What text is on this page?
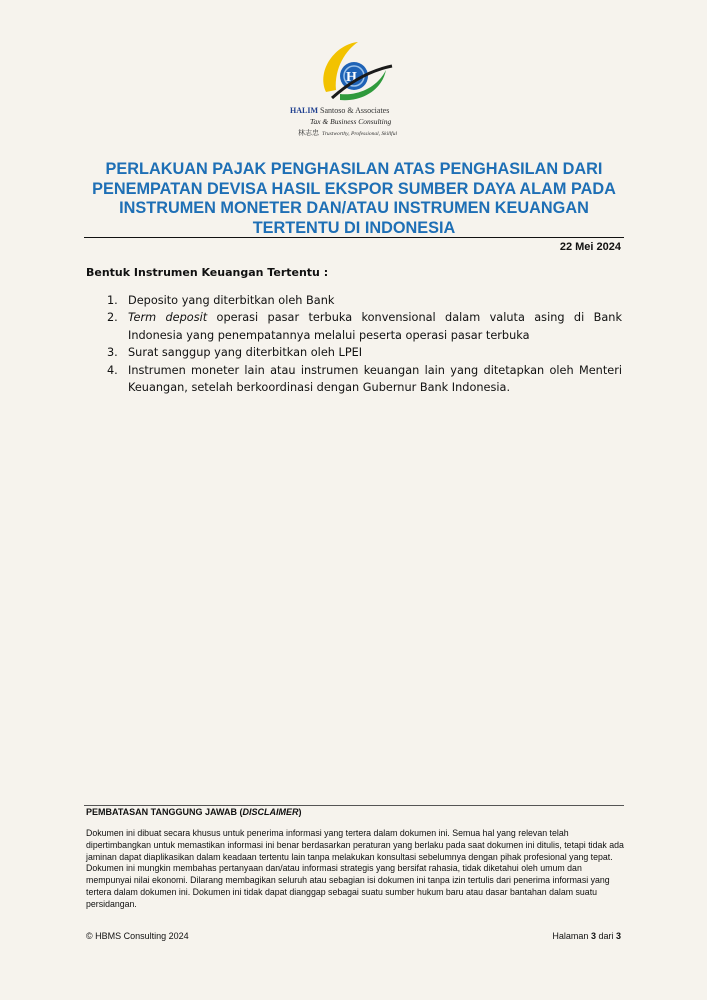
H
HALIM Santoso & Associates
Tax & Business Consulting
林志忠 Trustworthy, Professional, Skillful
PERLAKUAN PAJAK PENGHASILAN ATAS PENGHASILAN DARI PENEMPATAN DEVISA HASIL EKSPOR SUMBER DAYA ALAM PADA INSTRUMEN MONETER DAN/ATAU INSTRUMEN KEUANGAN TERTENTU DI INDONESIA
22 Mei 2024
Bentuk Instrumen Keuangan Tertentu :
1. Deposito yang diterbitkan oleh Bank
2. Term deposit operasi pasar terbuka konvensional dalam valuta asing di Bank Indonesia yang penempatannya melalui peserta operasi pasar terbuka
3. Surat sanggup yang diterbitkan oleh LPEI
4. Instrumen moneter lain atau instrumen keuangan lain yang ditetapkan oleh Menteri Keuangan, setelah berkoordinasi dengan Gubernur Bank Indonesia.
PEMBATASAN TANGGUNG JAWAB (DISCLAIMER)
Dokumen ini dibuat secara khusus untuk penerima informasi yang tertera dalam dokumen ini. Semua hal yang relevan telah dipertimbangkan untuk memastikan informasi ini benar berdasarkan peraturan yang berlaku pada saat dokumen ini ditulis, tetapi tidak ada jaminan dapat diaplikasikan dalam keadaan tertentu lain tanpa melakukan konsultasi sebelumnya dengan pihak profesional yang tepat. Dokumen ini mungkin membahas pertanyaan dan/atau informasi strategis yang bersifat rahasia, tidak diketahui oleh umum dan mempunyai nilai ekonomi. Dilarang membagikan seluruh atau sebagian isi dokumen ini tanpa izin tertulis dari penerima informasi yang tertera dalam dokumen ini. Dokumen ini tidak dapat dianggap sebagai suatu sumber hukum baru atau dasar bantahan dalam suatu persidangan.
© HBMS Consulting 2024	Halaman 3 dari 3
